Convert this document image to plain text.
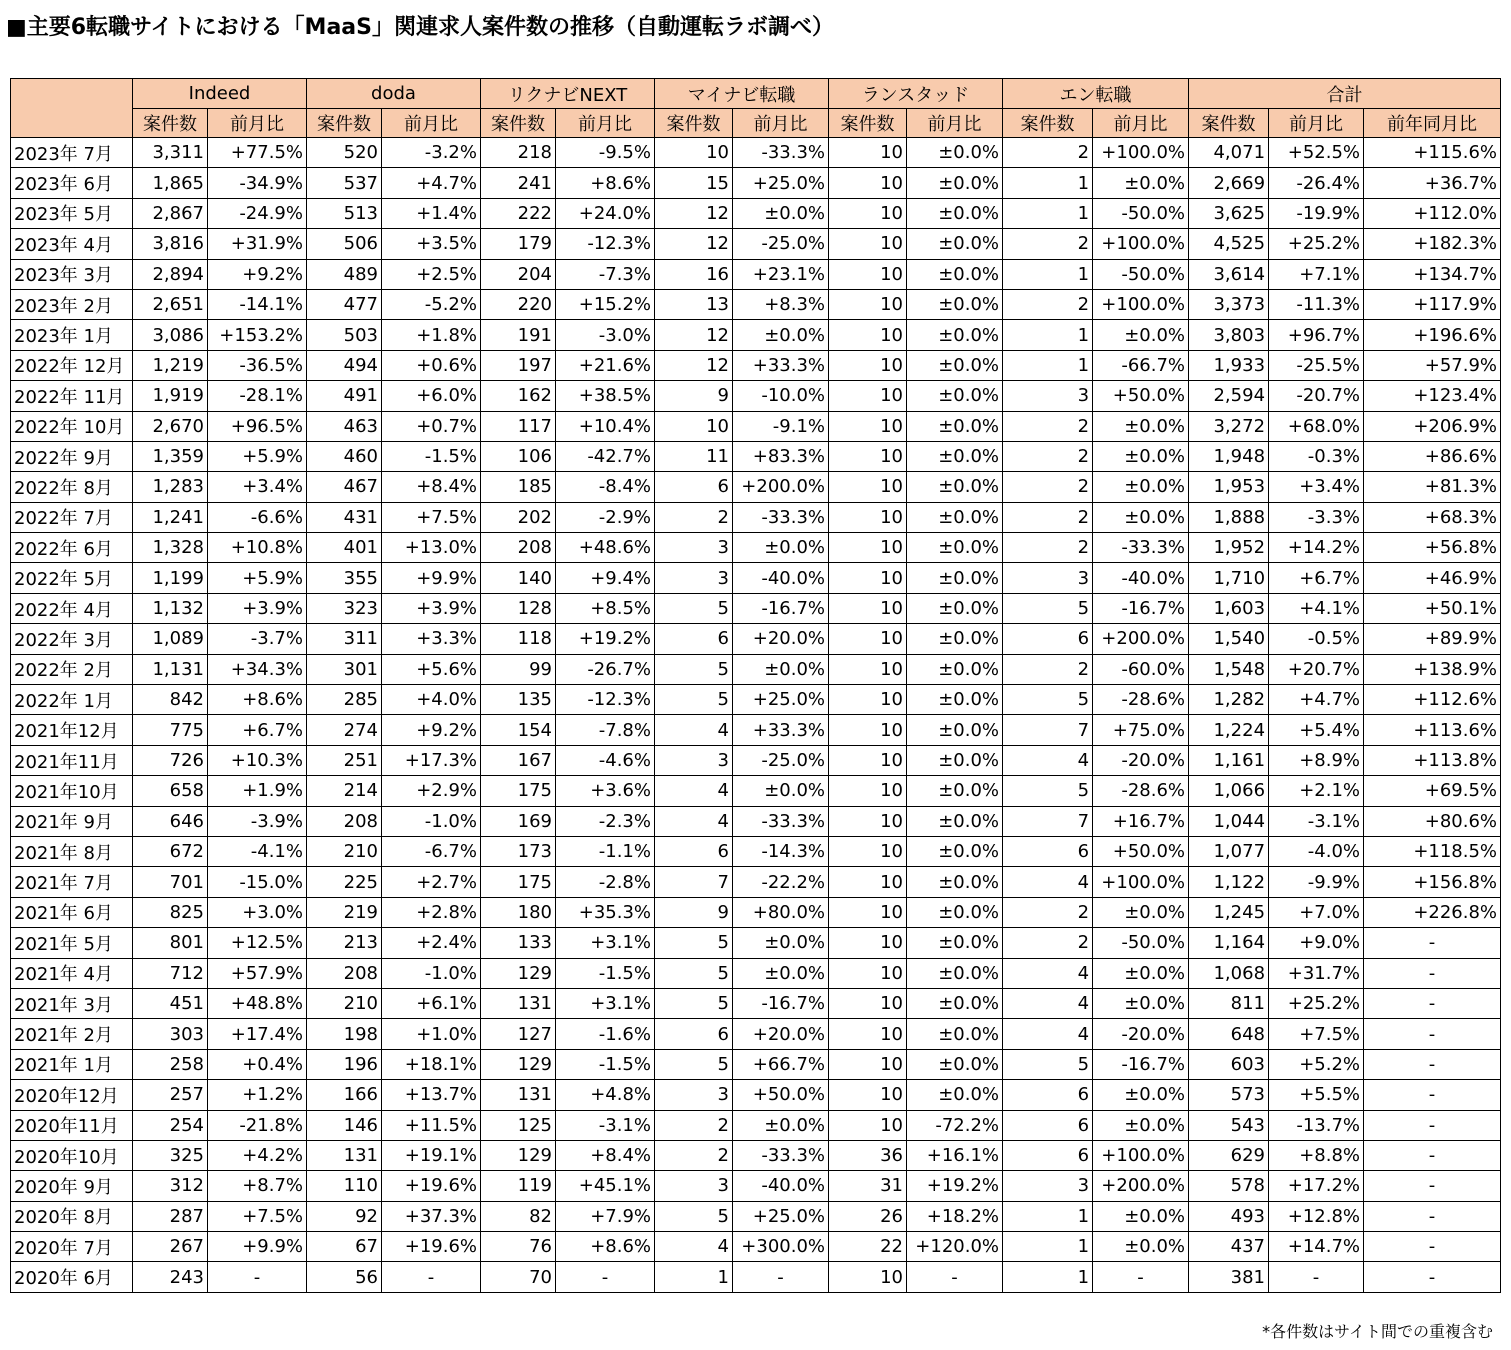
■主要6転職サイトにおける「MaaS」関連求人案件数の推移（自動運転ラボ調べ）
	Indeed		doda		リクナビNEXT		マイナビ転職		ランスタッド		エン転職		合計		
	案件数	前月比	案件数	前月比	案件数	前月比	案件数	前月比	案件数	前月比	案件数	前月比	案件数	前月比	前年同月比
2023年 7月	3,311	+77.5%	520	-3.2%	218	-9.5%	10	-33.3%	10	±0.0%	2	+100.0%	4,071	+52.5%	+115.6%
2023年 6月	1,865	-34.9%	537	+4.7%	241	+8.6%	15	+25.0%	10	±0.0%	1	±0.0%	2,669	-26.4%	+36.7%
2023年 5月	2,867	-24.9%	513	+1.4%	222	+24.0%	12	±0.0%	10	±0.0%	1	-50.0%	3,625	-19.9%	+112.0%
2023年 4月	3,816	+31.9%	506	+3.5%	179	-12.3%	12	-25.0%	10	±0.0%	2	+100.0%	4,525	+25.2%	+182.3%
2023年 3月	2,894	+9.2%	489	+2.5%	204	-7.3%	16	+23.1%	10	±0.0%	1	-50.0%	3,614	+7.1%	+134.7%
2023年 2月	2,651	-14.1%	477	-5.2%	220	+15.2%	13	+8.3%	10	±0.0%	2	+100.0%	3,373	-11.3%	+117.9%
2023年 1月	3,086	+153.2%	503	+1.8%	191	-3.0%	12	±0.0%	10	±0.0%	1	±0.0%	3,803	+96.7%	+196.6%
2022年 12月	1,219	-36.5%	494	+0.6%	197	+21.6%	12	+33.3%	10	±0.0%	1	-66.7%	1,933	-25.5%	+57.9%
2022年 11月	1,919	-28.1%	491	+6.0%	162	+38.5%	9	-10.0%	10	±0.0%	3	+50.0%	2,594	-20.7%	+123.4%
2022年 10月	2,670	+96.5%	463	+0.7%	117	+10.4%	10	-9.1%	10	±0.0%	2	±0.0%	3,272	+68.0%	+206.9%
2022年 9月	1,359	+5.9%	460	-1.5%	106	-42.7%	11	+83.3%	10	±0.0%	2	±0.0%	1,948	-0.3%	+86.6%
2022年 8月	1,283	+3.4%	467	+8.4%	185	-8.4%	6	+200.0%	10	±0.0%	2	±0.0%	1,953	+3.4%	+81.3%
2022年 7月	1,241	-6.6%	431	+7.5%	202	-2.9%	2	-33.3%	10	±0.0%	2	±0.0%	1,888	-3.3%	+68.3%
2022年 6月	1,328	+10.8%	401	+13.0%	208	+48.6%	3	±0.0%	10	±0.0%	2	-33.3%	1,952	+14.2%	+56.8%
2022年 5月	1,199	+5.9%	355	+9.9%	140	+9.4%	3	-40.0%	10	±0.0%	3	-40.0%	1,710	+6.7%	+46.9%
2022年 4月	1,132	+3.9%	323	+3.9%	128	+8.5%	5	-16.7%	10	±0.0%	5	-16.7%	1,603	+4.1%	+50.1%
2022年 3月	1,089	-3.7%	311	+3.3%	118	+19.2%	6	+20.0%	10	±0.0%	6	+200.0%	1,540	-0.5%	+89.9%
2022年 2月	1,131	+34.3%	301	+5.6%	99	-26.7%	5	±0.0%	10	±0.0%	2	-60.0%	1,548	+20.7%	+138.9%
2022年 1月	842	+8.6%	285	+4.0%	135	-12.3%	5	+25.0%	10	±0.0%	5	-28.6%	1,282	+4.7%	+112.6%
2021年12月	775	+6.7%	274	+9.2%	154	-7.8%	4	+33.3%	10	±0.0%	7	+75.0%	1,224	+5.4%	+113.6%
2021年11月	726	+10.3%	251	+17.3%	167	-4.6%	3	-25.0%	10	±0.0%	4	-20.0%	1,161	+8.9%	+113.8%
2021年10月	658	+1.9%	214	+2.9%	175	+3.6%	4	±0.0%	10	±0.0%	5	-28.6%	1,066	+2.1%	+69.5%
2021年 9月	646	-3.9%	208	-1.0%	169	-2.3%	4	-33.3%	10	±0.0%	7	+16.7%	1,044	-3.1%	+80.6%
2021年 8月	672	-4.1%	210	-6.7%	173	-1.1%	6	-14.3%	10	±0.0%	6	+50.0%	1,077	-4.0%	+118.5%
2021年 7月	701	-15.0%	225	+2.7%	175	-2.8%	7	-22.2%	10	±0.0%	4	+100.0%	1,122	-9.9%	+156.8%
2021年 6月	825	+3.0%	219	+2.8%	180	+35.3%	9	+80.0%	10	±0.0%	2	±0.0%	1,245	+7.0%	+226.8%
2021年 5月	801	+12.5%	213	+2.4%	133	+3.1%	5	±0.0%	10	±0.0%	2	-50.0%	1,164	+9.0%	-
2021年 4月	712	+57.9%	208	-1.0%	129	-1.5%	5	±0.0%	10	±0.0%	4	±0.0%	1,068	+31.7%	-
2021年 3月	451	+48.8%	210	+6.1%	131	+3.1%	5	-16.7%	10	±0.0%	4	±0.0%	811	+25.2%	-
2021年 2月	303	+17.4%	198	+1.0%	127	-1.6%	6	+20.0%	10	±0.0%	4	-20.0%	648	+7.5%	-
2021年 1月	258	+0.4%	196	+18.1%	129	-1.5%	5	+66.7%	10	±0.0%	5	-16.7%	603	+5.2%	-
2020年12月	257	+1.2%	166	+13.7%	131	+4.8%	3	+50.0%	10	±0.0%	6	±0.0%	573	+5.5%	-
2020年11月	254	-21.8%	146	+11.5%	125	-3.1%	2	±0.0%	10	-72.2%	6	±0.0%	543	-13.7%	-
2020年10月	325	+4.2%	131	+19.1%	129	+8.4%	2	-33.3%	36	+16.1%	6	+100.0%	629	+8.8%	-
2020年 9月	312	+8.7%	110	+19.6%	119	+45.1%	3	-40.0%	31	+19.2%	3	+200.0%	578	+17.2%	-
2020年 8月	287	+7.5%	92	+37.3%	82	+7.9%	5	+25.0%	26	+18.2%	1	±0.0%	493	+12.8%	-
2020年 7月	267	+9.9%	67	+19.6%	76	+8.6%	4	+300.0%	22	+120.0%	1	±0.0%	437	+14.7%	-
2020年 6月	243	-	56	-	70	-	1	-	10	-	1	-	381	-	-
*各件数はサイト間での重複含む
